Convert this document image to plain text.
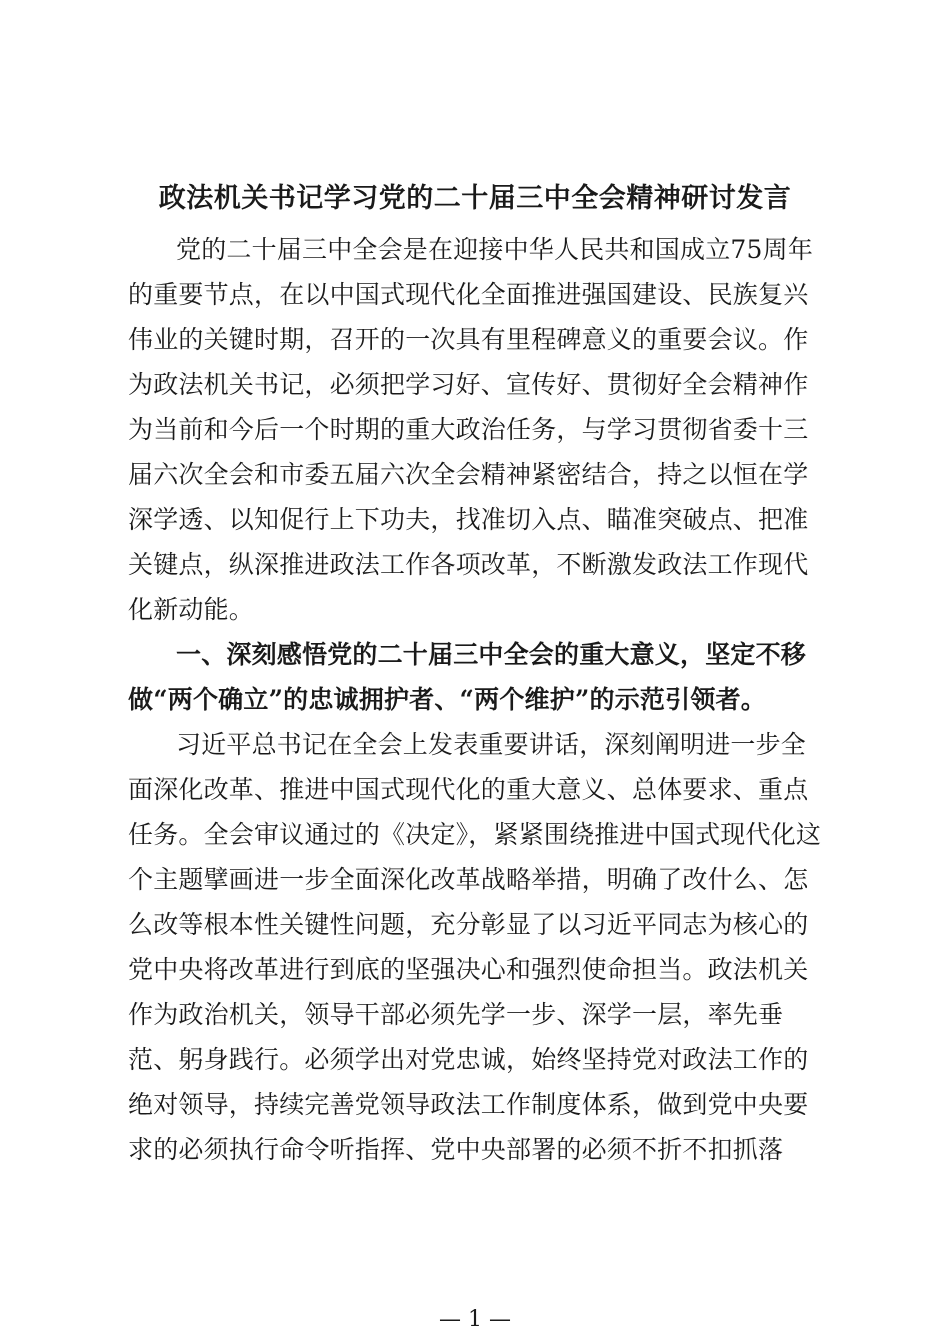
政法机关书记学习党的二十届三中全会精神研讨发言

党的二十届三中全会是在迎接中华人民共和国成立75周年

的重要节点，在以中国式现代化全面推进强国建设、民族复兴

伟业的关键时期，召开的一次具有里程碑意义的重要会议。作

为政法机关书记，必须把学习好、宣传好、贯彻好全会精神作

为当前和今后一个时期的重大政治任务，与学习贯彻省委十三

届六次全会和市委五届六次全会精神紧密结合，持之以恒在学

深学透、以知促行上下功夫，找准切入点、瞄准突破点、把准

关键点，纵深推进政法工作各项改革，不断激发政法工作现代

化新动能。

一、深刻感悟党的二十届三中全会的重大意义，坚定不移

做“两个确立”的忠诚拥护者、“两个维护”的示范引领者。

习近平总书记在全会上发表重要讲话，深刻阐明进一步全

面深化改革、推进中国式现代化的重大意义、总体要求、重点

任务。全会审议通过的《决定》，紧紧围绕推进中国式现代化这

个主题擘画进一步全面深化改革战略举措，明确了改什么、怎

么改等根本性关键性问题，充分彰显了以习近平同志为核心的

党中央将改革进行到底的坚强决心和强烈使命担当。政法机关

作为政治机关，领导干部必须先学一步、深学一层，率先垂

范、躬身践行。必须学出对党忠诚，始终坚持党对政法工作的

绝对领导，持续完善党领导政法工作制度体系，做到党中央要

求的必须执行命令听指挥、党中央部署的必须不折不扣抓落

— 1 —
